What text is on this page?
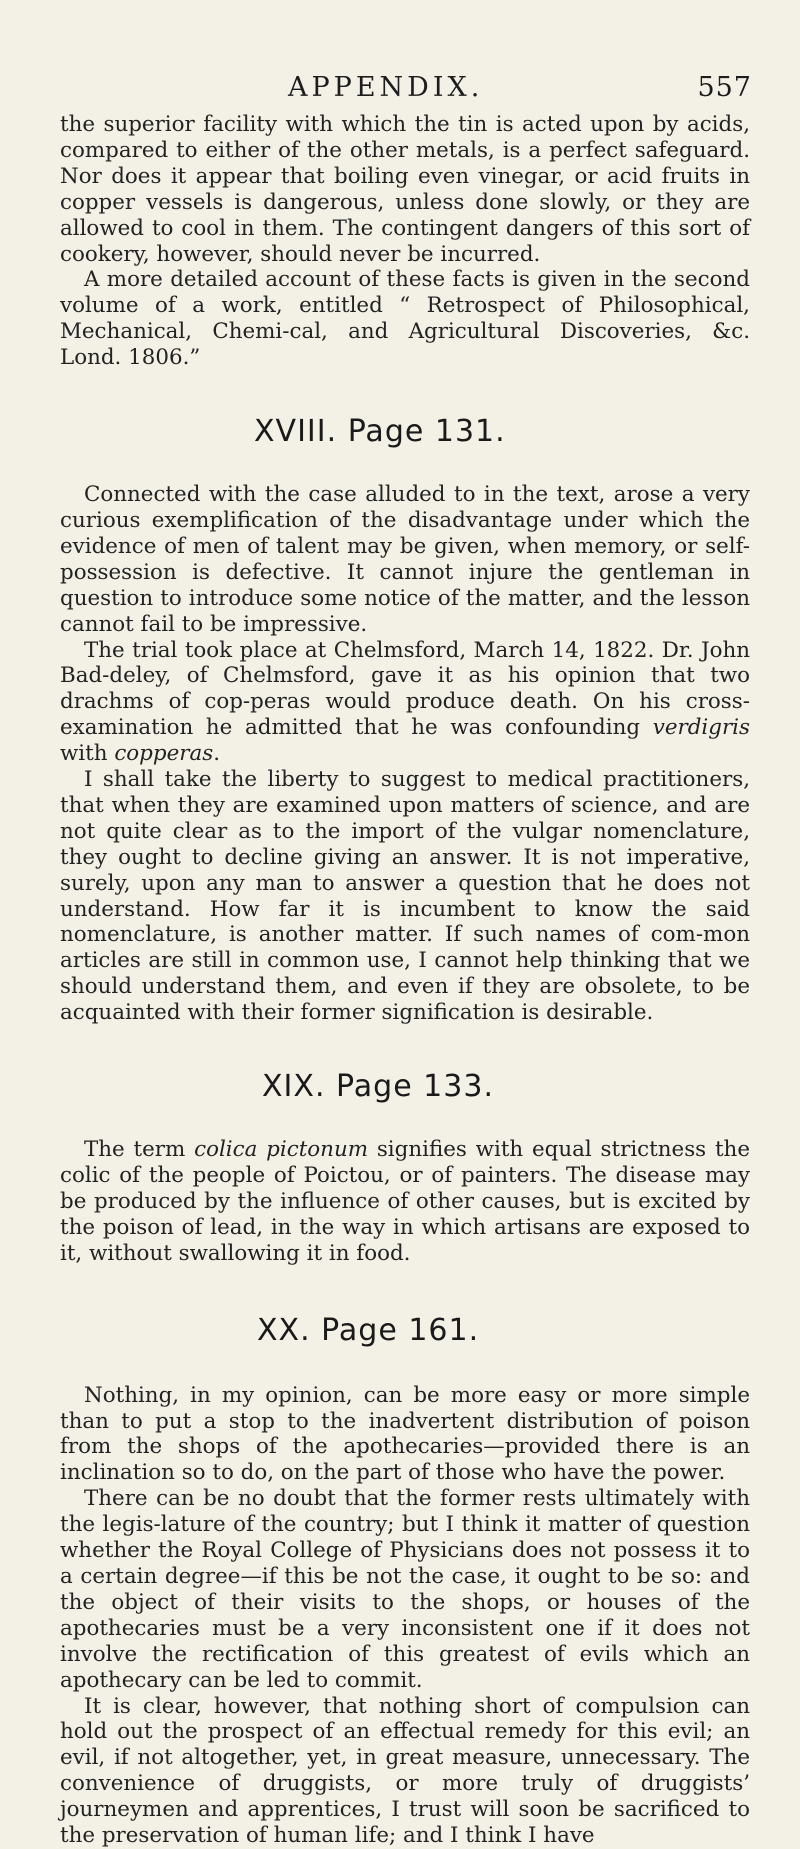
APPENDIX.	557

the superior facility with which the tin is acted upon by acids, compared to either of the other metals, is a perfect safeguard. Nor does it appear that boiling even vinegar, or acid fruits in copper vessels is dangerous, unless done slowly, or they are allowed to cool in them. The contingent dangers of this sort of cookery, however, should never be incurred.

A more detailed account of these facts is given in the second volume of a work, entitled “ Retrospect of Philosophical, Mechanical, Chemi-cal, and Agricultural Discoveries, &c. Lond. 1806.”

XVIII. Page 131.

Connected with the case alluded to in the text, arose a very curious exemplification of the disadvantage under which the evidence of men of talent may be given, when memory, or self-possession is defective. It cannot injure the gentleman in question to introduce some notice of the matter, and the lesson cannot fail to be impressive.

The trial took place at Chelmsford, March 14, 1822. Dr. John Bad-deley, of Chelmsford, gave it as his opinion that two drachms of cop-peras would produce death. On his cross-examination he admitted that he was confounding verdigris with copperas.

I shall take the liberty to suggest to medical practitioners, that when they are examined upon matters of science, and are not quite clear as to the import of the vulgar nomenclature, they ought to decline giving an answer. It is not imperative, surely, upon any man to answer a question that he does not understand. How far it is incumbent to know the said nomenclature, is another matter. If such names of com-mon articles are still in common use, I cannot help thinking that we should understand them, and even if they are obsolete, to be acquainted with their former signification is desirable.

XIX. Page 133.

The term colica pictonum signifies with equal strictness the colic of the people of Poictou, or of painters. The disease may be produced by the influence of other causes, but is excited by the poison of lead, in the way in which artisans are exposed to it, without swallowing it in food.

XX. Page 161.

Nothing, in my opinion, can be more easy or more simple than to put a stop to the inadvertent distribution of poison from the shops of the apothecaries—provided there is an inclination so to do, on the part of those who have the power.

There can be no doubt that the former rests ultimately with the legis-lature of the country; but I think it matter of question whether the Royal College of Physicians does not possess it to a certain degree—if this be not the case, it ought to be so: and the object of their visits to the shops, or houses of the apothecaries must be a very inconsistent one if it does not involve the rectification of this greatest of evils which an apothecary can be led to commit.

It is clear, however, that nothing short of compulsion can hold out the prospect of an effectual remedy for this evil; an evil, if not altogether, yet, in great measure, unnecessary. The convenience of druggists, or more truly of druggists’ journeymen and apprentices, I trust will soon be sacrificed to the preservation of human life; and I think I have
